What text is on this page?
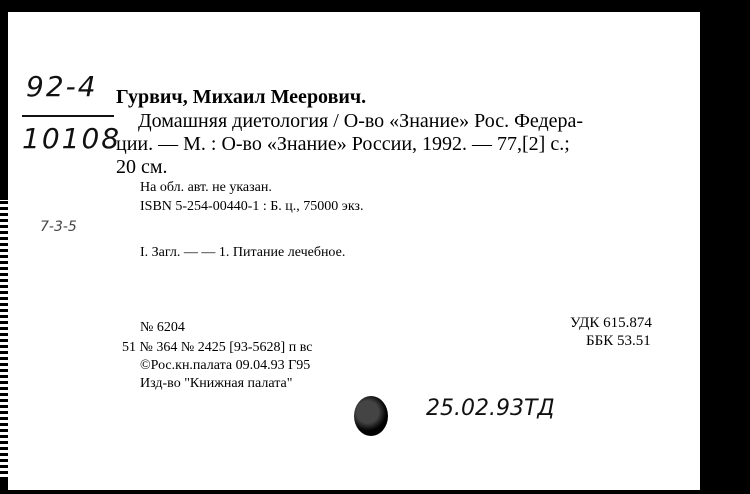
92-4
10108
7-3-5
Гурвич, Михаил Меерович.
Домашняя диетология / О-во «Знание» Рос. Федера-
ции. — М. : О-во «Знание» России, 1992. — 77,[2] с.;
20 см.
На обл. авт. не указан.
ISBN 5-254-00440-1 : Б. ц., 75000 экз.
I. Загл. — — 1. Питание лечебное.
№ 6204
51 № 364 № 2425 [93-5628] п вс
©Рос.кн.палата 09.04.93 Г95
Изд-во "Книжная палата"
УДК 615.874
ББК 53.51
25.02.93ТД
